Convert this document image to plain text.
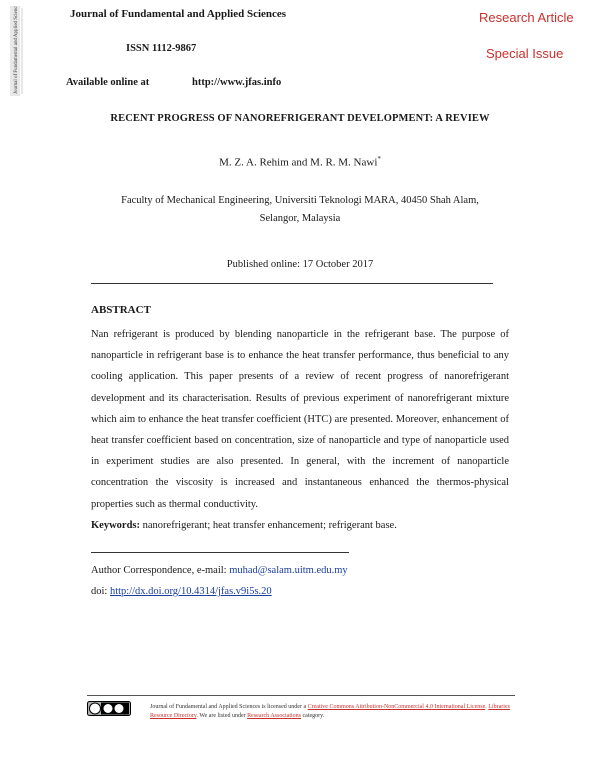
Journal of Fundamental and Applied Sciences	Journal of Fundamental and Applied Sciences
ISSN 1112-9867
Available online at	http://www.jfas.info
Research Article
Special Issue
RECENT PROGRESS OF NANOREFRIGERANT DEVELOPMENT: A REVIEW
M. Z. A. Rehim and M. R. M. Nawi*
Faculty of Mechanical Engineering, Universiti Teknologi MARA, 40450 Shah Alam,
Selangor, Malaysia
Published online: 17 October 2017
ABSTRACT
Nan refrigerant is produced by blending nanoparticle in the refrigerant base. The purpose of nanoparticle in refrigerant base is to enhance the heat transfer performance, thus beneficial to any cooling application. This paper presents of a review of recent progress of nanorefrigerant development and its characterisation. Results of previous experiment of nanorefrigerant mixture which aim to enhance the heat transfer coefficient (HTC) are presented. Moreover, enhancement of heat transfer coefficient based on concentration, size of nanoparticle and type of nanoparticle used in experiment studies are also presented. In general, with the increment of nanoparticle concentration the viscosity is increased and instantaneous enhanced the thermos-physical properties such as thermal conductivity.
Keywords: nanorefrigerant; heat transfer enhancement; refrigerant base.
Author Correspondence, e-mail: muhad@salam.uitm.edu.my
doi: http://dx.doi.org/10.4314/jfas.v9i5s.20
Journal of Fundamental and Applied Sciences is licensed under a Creative Commons Attribution-NonCommercial 4.0 International License. Libraries Resource Directory. We are listed under Research Associations category.
